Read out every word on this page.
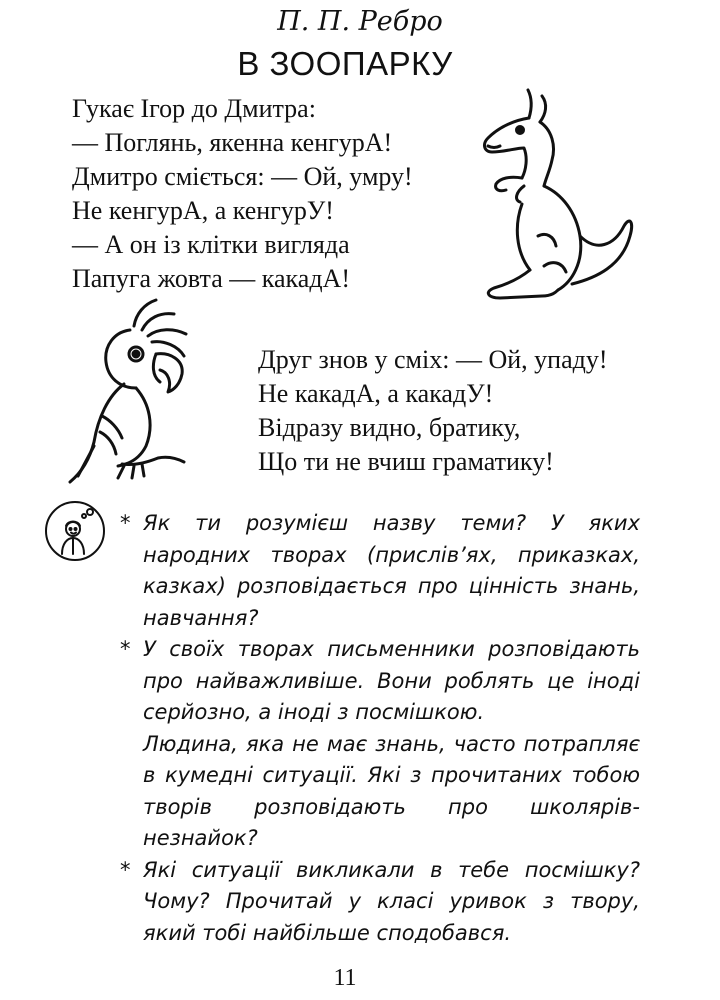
П. П. Ребро
В ЗООПАРКУ
Гукає Ігор до Дмитра:
— Поглянь, якенна кенгурА!
Дмитро сміється: — Ой, умру!
Не кенгурА, а кенгурУ!
— А он із клітки вигляда
Папуга жовта — какадА!
Друг знов у сміх: — Ой, упаду!
Не какадА, а какадУ!
Відразу видно, братику,
Що ти не вчиш граматику!
* Як ти розумієш назву теми? У яких народних творах (прислів’ях, приказках, казках) розповідається про цінність знань, навчання?
* У своїх творах письменники розповідають про найважливіше. Вони роблять це іноді серйозно, а іноді з посмішкою.
Людина, яка не має знань, часто потрапляє в кумедні ситуації. Які з прочитаних тобою творів розповідають про школярів-незнайок?
* Які ситуації викликали в тебе посмішку? Чому? Прочитай у класі уривок з твору, який тобі найбільше сподобався.
11
